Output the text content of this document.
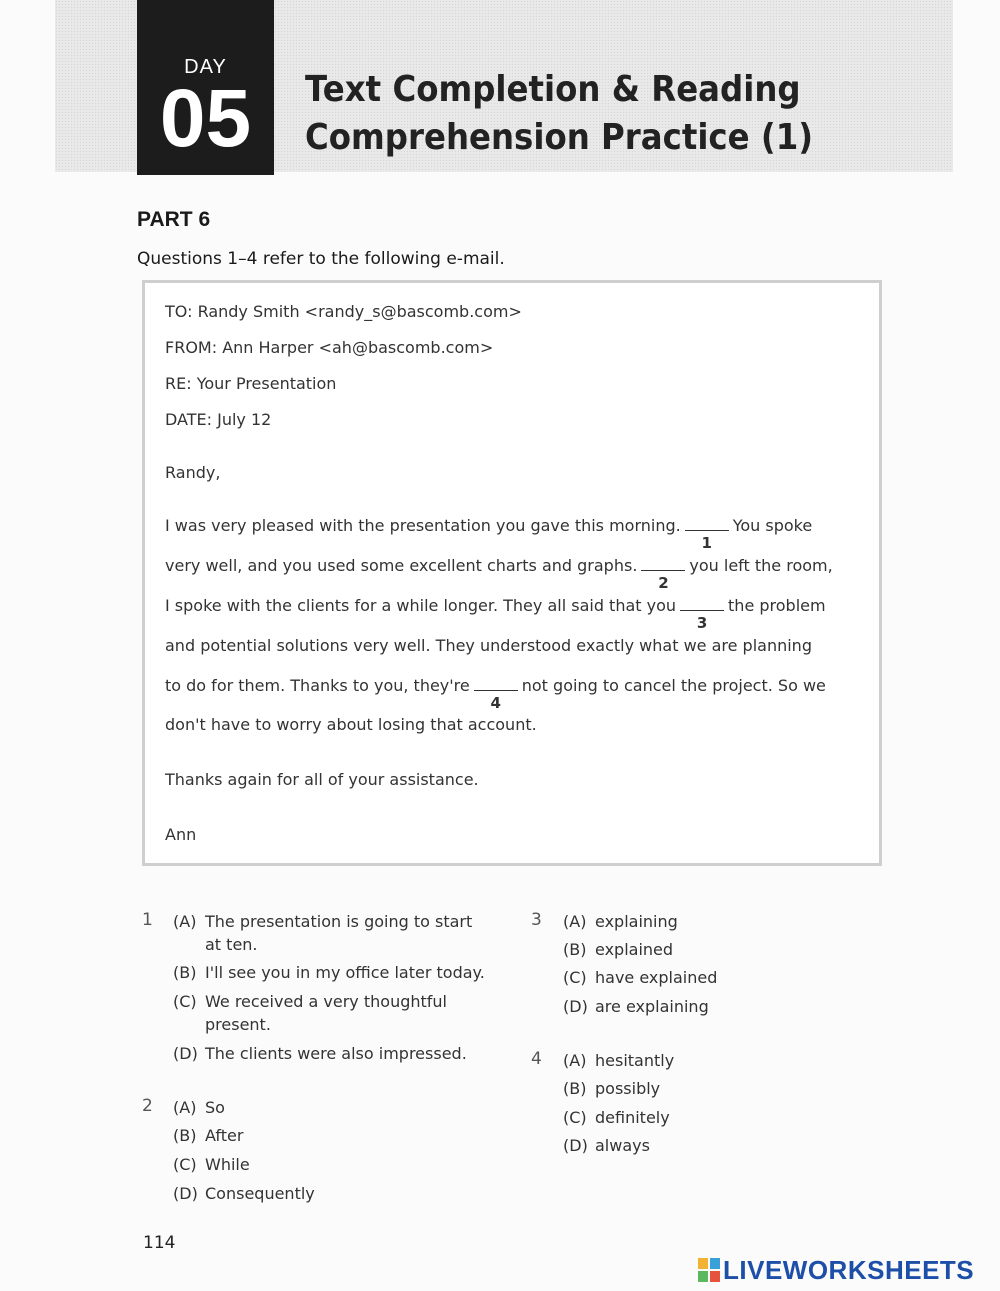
DAY
05	Text Completion & Reading
Comprehension Practice (1)
PART 6
Questions 1–4 refer to the following e-mail.
TO: Randy Smith <randy_s@bascomb.com>
FROM: Ann Harper <ah@bascomb.com>
RE: Your Presentation
DATE: July 12
Randy,
I was very pleased with the presentation you gave this morning.
1
You spoke
very well, and you used some excellent charts and graphs.
2
you left the room,
I spoke with the clients for a while longer. They all said that you
3
the problem
and potential solutions very well. They understood exactly what we are planning
to do for them. Thanks to you, they're
4
not going to cancel the project. So we
don't have to worry about losing that account.
Thanks again for all of your assistance.
Ann
1 (A) The presentation is going to start
at ten.
(B) I'll see you in my office later today.
(C) We received a very thoughtful
present.
(D) The clients were also impressed.
2 (A) So
(B) After
(C) While
(D) Consequently
3 (A) explaining
(B) explained
(C) have explained
(D) are explaining
4 (A) hesitantly
(B) possibly
(C) definitely
(D) always
114
LIVEWORKSHEETS
